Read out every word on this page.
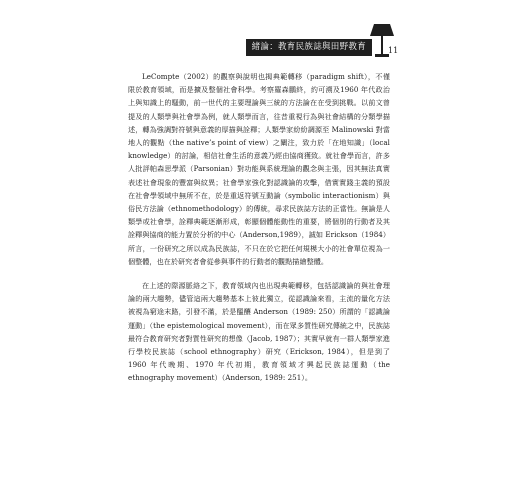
緒論：教育民族誌與田野教育學
11

LeCompte（2002）的觀察與說明也揭典範轉移（paradigm shift），不僅限於教育領域，而是擴及整個社會科學。考察羅森鵬終，約可溯及1960 年代政治上與知識上的騷動，前一世代的主要理論與三統的方法論在在受到挑戰。以前文曾提及的人類學與社會學為例，就人類學而言，往昔重視行為與社會結構的分類學描述，轉為強調對符號與意義的厚描與詮釋；人類學家紛紛調源至 Malinowski 對當地人的觀點（the native’s point of view）之闡注，致力於「在地知識」（local knowledge）的討論，相信社會生活的意義乃經由協商獲致。就社會學而言，許多人批評帕森思學派（Parsonian）對功能與系統理論的觀念與主張，因其無法真實表述社會現象的豐富與紋異；社會學家強化對認識論的攻擊，借實實踐主義的預設在社會學領域中無所不在，於是重返符號互動論（symbolic interactionism）與俗民方法論（ethnomethodology）的傳統，尋求民族誌方法的正當性。無論是人類學或社會學，詮釋典範逐漸形成，彰顯個體能動性的重要，將個別的行動者及其詮釋與協商的能力置於分析的中心（Anderson,1989），誠如 Erickson（1984）所言，一份研究之所以成為民族誌，不只在於它把任何規模大小的社會單位視為一個整體，也在於研究者會從參與事件的行動者的觀點描繪整體。

在上述的際源脈絡之下，教育領域內也出現典範轉移，包括認識論的與社會理論的兩大趨勢，儘管這兩大趨勢基本上彼此獨立，從認識論來看，主流的量化方法被視為窮途末路，引發不滿，於是醞釀 Anderson（1989: 250）所謂的「認識論運動」（the epistemological movement），而在眾多質性研究傳統之中，民族誌最符合教育研究者對質性研究的想像（Jacob, 1987）；其實早就有一群人類學家進行學校民族誌（school ethnography）研究（Erickson, 1984），但是到了 1960 年代晚期、1970 年代初期，教育領域才興起民族誌運動（the ethnography movement）（Anderson, 1989: 251）。
